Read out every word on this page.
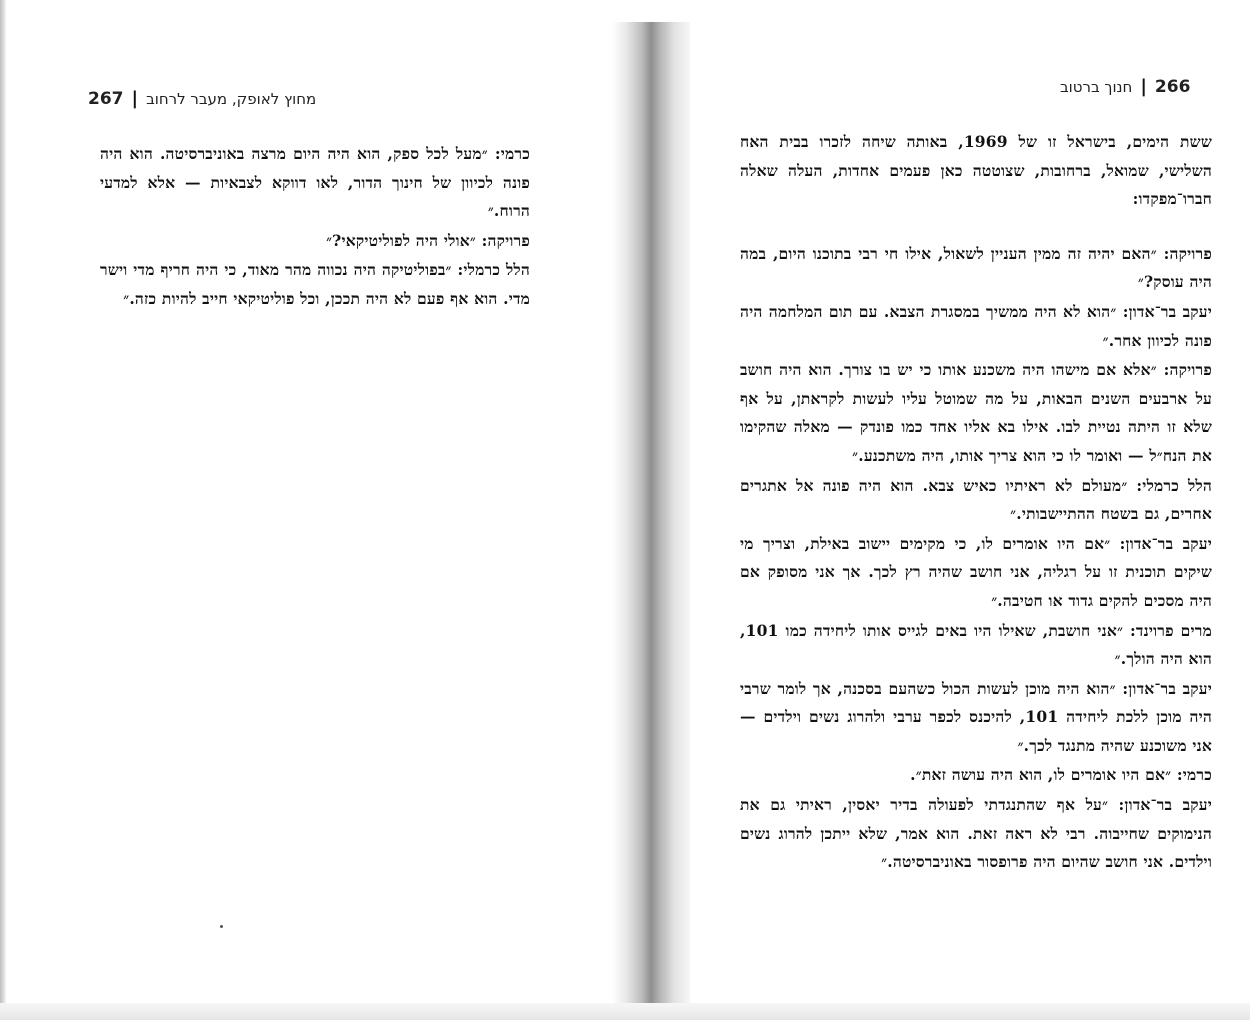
מחוץ לאופק, מעבר לרחוב
|
267
266
|
חנוך ברטוב

כרמי: ״מעל לכל ספק, הוא היה היום מרצה באוניברסיטה. הוא היה פונה לכיוון של חינוך הדור, לאו דווקא לצבאיות — אלא למדעי הרוח.״

פרויקה: ״אולי היה לפוליטיקאי?״

הלל כרמלי: ״בפוליטיקה היה נכווה מהר מאוד, כי היה חריף מדי וישר מדי. הוא אף פעם לא היה תככן, וכל פוליטיקאי חייב להיות כזה.״

ששת הימים, בישראל זו של 1969, באותה שיחה לזכרו בבית האח השלישי, שמואל, ברחובות, שצוטטה כאן פעמים אחדות, העלה שאלה חברו־מפקדו:

פרויקה: ״האם יהיה זה ממין העניין לשאול, אילו חי רבי בתוכנו היום, במה היה עוסק?״

יעקב בר־אדון: ״הוא לא היה ממשיך במסגרת הצבא. עם תום המלחמה היה פונה לכיוון אחר.״

פרויקה: ״אלא אם מישהו היה משכנע אותו כי יש בו צורך. הוא היה חושב על ארבעים השנים הבאות, על מה שמוטל עליו לעשות לקראתן, על אף שלא זו היתה נטיית לבו. אילו בא אליו אחד כמו פונדק — מאלה שהקימו את הנח״ל — ואומר לו כי הוא צריך אותו, היה משתכנע.״

הלל כרמלי: ״מעולם לא ראיתיו כאיש צבא. הוא היה פונה אל אתגרים אחרים, גם בשטח ההתיישבותי.״

יעקב בר־אדון: ״אם היו אומרים לו, כי מקימים יישוב באילת, וצריך מי שיקים תוכנית זו על רגליה, אני חושב שהיה רץ לכך. אך אני מסופק אם היה מסכים להקים גדוד או חטיבה.״

מרים פרוינד: ״אני חושבת, שאילו היו באים לגייס אותו ליחידה כמו 101, הוא היה הולך.״

יעקב בר־אדון: ״הוא היה מוכן לעשות הכול כשהעם בסכנה, אך לומר שרבי היה מוכן ללכת ליחידה 101, להיכנס לכפר ערבי ולהרוג נשים וילדים — אני משוכנע שהיה מתנגד לכך.״

כרמי: ״אם היו אומרים לו, הוא היה עושה זאת״.

יעקב בר־אדון: ״על אף שהתנגדתי לפעולה בדיר יאסין, ראיתי גם את הנימוקים שחייבוה. רבי לא ראה זאת. הוא אמר, שלא ייתכן להרוג נשים וילדים. אני חושב שהיום היה פרופסור באוניברסיטה.״
